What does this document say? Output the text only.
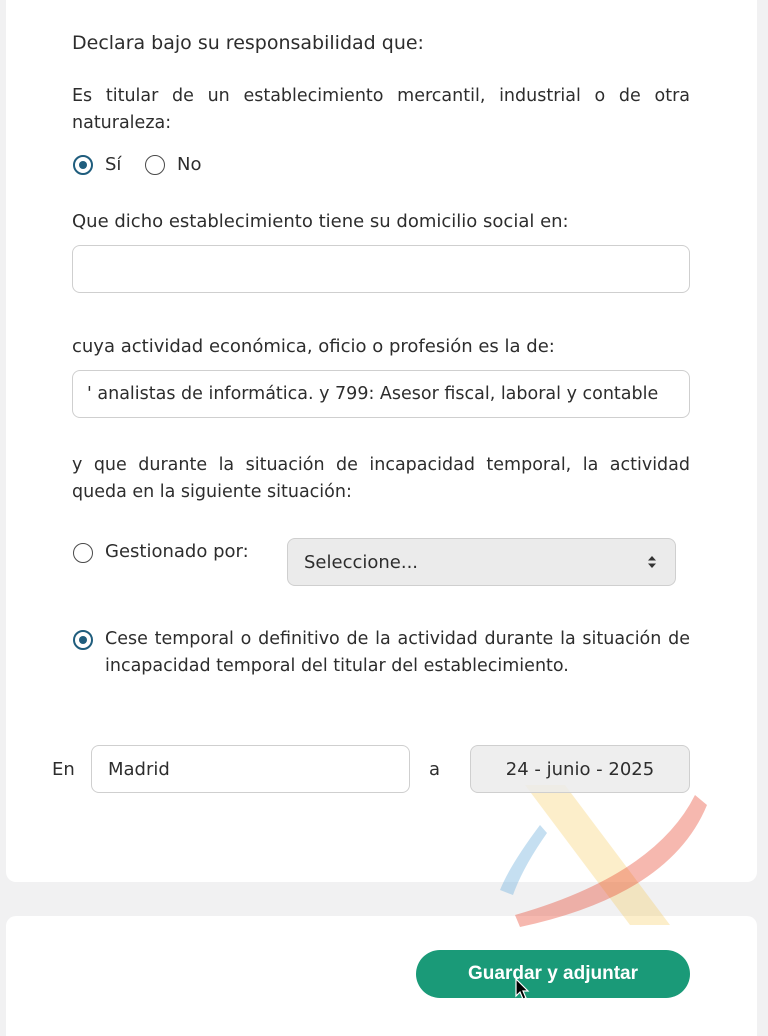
Declara bajo su responsabilidad que:
Es titular de un establecimiento mercantil, industrial o de otra naturaleza:
Sí	No
Que dicho establecimiento tiene su domicilio social en:
cuya actividad económica, oficio o profesión es la de:
' analistas de informática. y 799: Asesor fiscal, laboral y contable
y que durante la situación de incapacidad temporal, la actividad queda en la siguiente situación:
Gestionado por:	Seleccione...
Cese temporal o definitivo de la actividad durante la situación de incapacidad temporal del titular del establecimiento.
En	Madrid	a	24 - junio - 2025
Guardar y adjuntar
